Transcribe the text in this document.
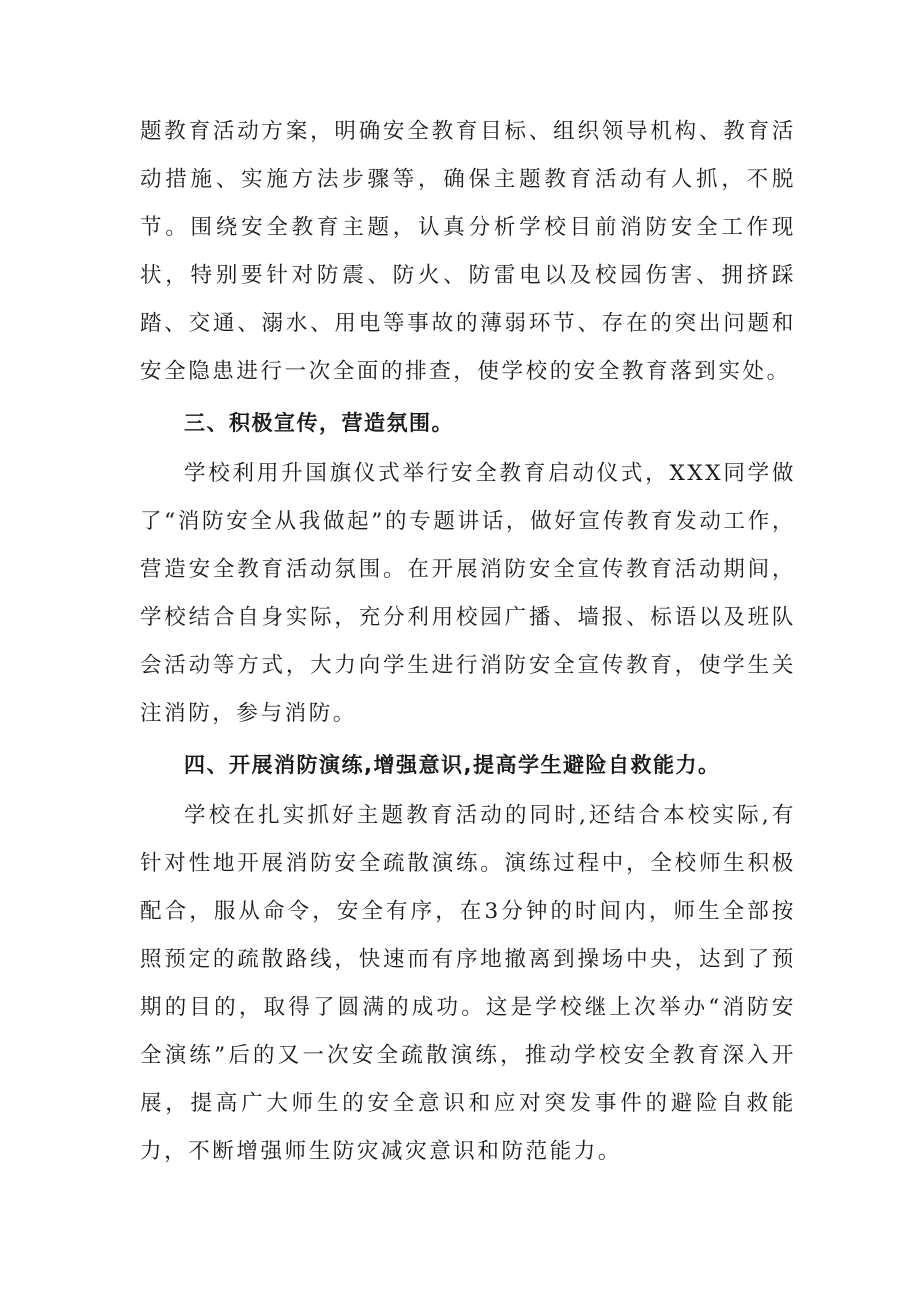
题教育活动方案，明确安全教育目标、组织领导机构、教育活动措施、实施方法步骤等，确保主题教育活动有人抓，不脱节。围绕安全教育主题，认真分析学校目前消防安全工作现状，特别要针对防震、防火、防雷电以及校园伤害、拥挤踩踏、交通、溺水、用电等事故的薄弱环节、存在的突出问题和安全隐患进行一次全面的排查，使学校的安全教育落到实处。

三、积极宣传，营造氛围。

学校利用升国旗仪式举行安全教育启动仪式，XXX同学做了“消防安全从我做起”的专题讲话，做好宣传教育发动工作，营造安全教育活动氛围。在开展消防安全宣传教育活动期间，学校结合自身实际，充分利用校园广播、墙报、标语以及班队会活动等方式，大力向学生进行消防安全宣传教育，使学生关注消防，参与消防。

四、开展消防演练,增强意识,提高学生避险自救能力。

学校在扎实抓好主题教育活动的同时,还结合本校实际,有针对性地开展消防安全疏散演练。演练过程中，全校师生积极配合，服从命令，安全有序，在3分钟的时间内，师生全部按照预定的疏散路线，快速而有序地撤离到操场中央，达到了预期的目的，取得了圆满的成功。这是学校继上次举办“消防安全演练”后的又一次安全疏散演练，推动学校安全教育深入开展，提高广大师生的安全意识和应对突发事件的避险自救能力，不断增强师生防灾减灾意识和防范能力。
